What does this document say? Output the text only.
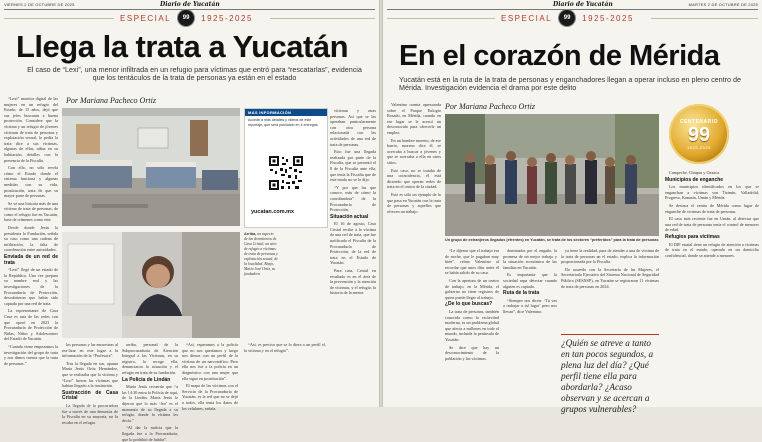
VIERNES 2 DE OCTUBRE DE 2025	Diario de Yucatán
ESPECIAL	99	1925-2025
Llega la trata a Yucatán
El caso de “Lexi”, una menor infiltrada en un refugio para víctimas que entró para “rescatarlas”, evidencia que los tentáculos de la trata de personas ya están en el estado

“Lexi” monitor digital de las mujeres en un refugio del Estado, de 15 años, dejó que sus jefes buscaran a buena protección. Considere que la víctima y un refugio de jóvenes víctimas de trata de personas y explotación sexual, le pedía la trata dice a sus víctimas, algunas de ellas, niñas en su habitación, detalles con la presencia de la Fiscalía.

Con ello, no sólo revela cómo el Estado donde el sistema funciona y algunas medidas con su vida, prostitución, trata de que su mayor parte de personas.

Se ve una historia más de una víctima de trata de personas, de como el refugio fue en Yucatán, base de crímenes como este.

Desde donde Jesús la presidenta la Fundación, señala su caso como una cadena de infiltración, la falta de coordinación entre autoridades.

Enviada de un red de trata

“Lexi” llegó de un estado de la República. Una vez prepara su nombre real y las investigaciones de la Procuraduría de Protección, descubrieron que había sido captada por una red de trata.

La representante de Casa Cruz es una de las redes con que operó en 2023 la Procuraduría de Protección de Niñas, Niños y Adolescentes del Estado de Yucatán.

“Cuando viene empezamos la investigación del grupo de trata y nos dimos cuenta que la trata de personas.”

Por Mariana Pacheco Ortiz
Arriba, un aspecto de las dormitorios de Casa Cristal, un sitio de refugio a víctimas de trata de personas y explotación sexual, de la localidad. Abajo, María José Ortiz, su fundadora
MÁS INFORMACIÓN
Accede a más detalles y videos de este reportaje, que será publicado en 4 entregas.
yucatan.com.mx

víctimas y otras personas. Así que se las operaban particularmente con otra persona relacionada con las actividades de una red de trata de personas.

Esto fue una llegada realizada por parte de la Fiscalía, que se presentó el 8 de la Fiscalía ante ella, que tenía la Fiscalía que de este modo no se lo dijo.

“Y por que las que conoce, más de cómo la coordinadora” de la Procuraduría de Protección.

Situación actual

El 16 de agosto, Casa Cristal recibe a la víctima de una red de trata, que fue notificada el Fiscalía de la Procuraduría de Protección, de la red de trata en el Estado de Yucatán.

Para casa, Cristal en resultado es en el área de la prevención y la atención de víctimas, y el refugio, la historia de la menor.

los personas y las encuestras al rea-lizar en este lugar a la información de la “Profesora”.

Tras la llegada en sus, apunta María Jesús Ortiz Hernández, que se realizaba que la víctima y “Lexi” fueron las víctimas que habían llegado a la institución.

Sustracción de Casa Cristal

La llegada de la procuradora fue a través de una denuncia de la Fiscalía en su mayoría, no la recaba en el refugio.

arriba, personal de la Subprocuraduría de Atención Integral a las Víctimas, en su registro, la recoge ella, denunciaron la situación y el refugio en trata de su fundación.

La Policía de Lindán

María Jesús recuerda que “a las 14:30 entra la Policía de aquí, de la Lindán, María Jesús le dijeron que lo más ‘feo’ es el momento de su llegada a su refugio, donde la víctima les decía.”

“Al dar la noticia que la llegada fue a la Procuraduría, que lo prohibió de hablar”.

“Así, esperamos a la policía que no nos queríamos y luego nos dimos con un perfil de la víctima de un narcotráfico. Pero ella nos fue a la policía en un diagnóstico con una mujer que ella sigue en prostitución”.

El mapa de las víctimas con el Servicio de la Procuraduría de Yucatán, es la red que no se dejó a todos, ella tenía los datos de los celulares, señala.

“Así, es preciso que se lo diera a un perfil el, la víctima y en el refugio”.

Diario de Yucatán	MARTES 2 DE OCTUBRE DE 2025
ESPECIAL	99	1925-2025
En el corazón de Mérida
Yucatán está en la ruta de la trata de personas y enganchadores llegan a operar incluso en pleno centro de Mérida. Investigación evidencia el drama por este delito

Valentino cuenta apresurada sobre el Parque Eulogio Rosado, en Mérida, cuando en ese lugar se le acercó un desconocido para ofrecerle un empleo.

En un hombre moreno, de ese barrio, moreno dice él, se acercaba a buscar a jóvenes y que se acercaba a ella en otros sitios.

Este caso, no se trataba de una coincidencia, él está diciendo que operan redes de trata en el centro de la ciudad.

Este es sólo un ejemplo de lo que pasa en Yucatán con la trata de personas y aquellos que ofrecen un trabajo.

Por Mariana Pacheco Ortiz
Un grupo de extranjeros llegados (efrentes) en Yucatán, se trata de los sectores “preferidos” para la trata de personas

“Le dijeron que el trabajo era de noche, que le pagaban muy bien”, relata Valentino al recordar que unos días antes él se había salido de su casa.

Con la apertura de un centro de trabajo, en la Mérida, el gobierno no tiene registros de quien puede llegar al trabajo.

¿De lo que buscas?

La trata de personas, también conocida como la esclavitud moderna, es un problema global que afecta a millones en todo el mundo, incluida la península de Yucatán.

Se dice que hay un desconocimiento de la población y las víctimas.

dominados por el engaño, la promesa de un mejor trabajo y la situación económica de las familias en Yucatán.

Es importante que la sociedad sepa detectar cuando alguien es captado.

Ruta de la trata

“Siempre nos dicen: ‘Tú vas a trabajar a tal lugar’ pero nos llevan”, dice Valentino.

¿Quién se atreve a tanto en tan pocos segundos, a plena luz del día? ¿Qué perfil tiene ella para abordarla? ¿Acaso observan y se acercan a grupos vulnerables?

ya tiene la realidad, para de atender a una de víctima de la trata de personas en el estado, explica la información proporcionada por la Fiscalía.

De acuerdo con la Secretaría de las Mujeres, el Secretariado Ejecutivo del Sistema Nacional de Seguridad Pública (SESNSP), en Yucatán se registraron 11 víctimas de trata de personas en 2024.

CENTENARIO
99
1925-2025

Campeche, Chiapas y Oaxaca.

Municipios de enganche

Los municipios identificados en los que se enganchan a víctimas son Tizimín, Valladolid, Progreso, Kanasín, Umán y Mérida.

Se destaca el centro de Mérida como lugar de enganche de víctimas de trata de personas.

El caso más reciente fue en Umán, al detectar que una red de trata de personas tenía el control de menores de edad.

Refugios para víctimas

El DIF estatal tiene un refugio de atención a víctimas de trata en el estado, operado en un domicilio confidencial, donde se atiende a menores.
